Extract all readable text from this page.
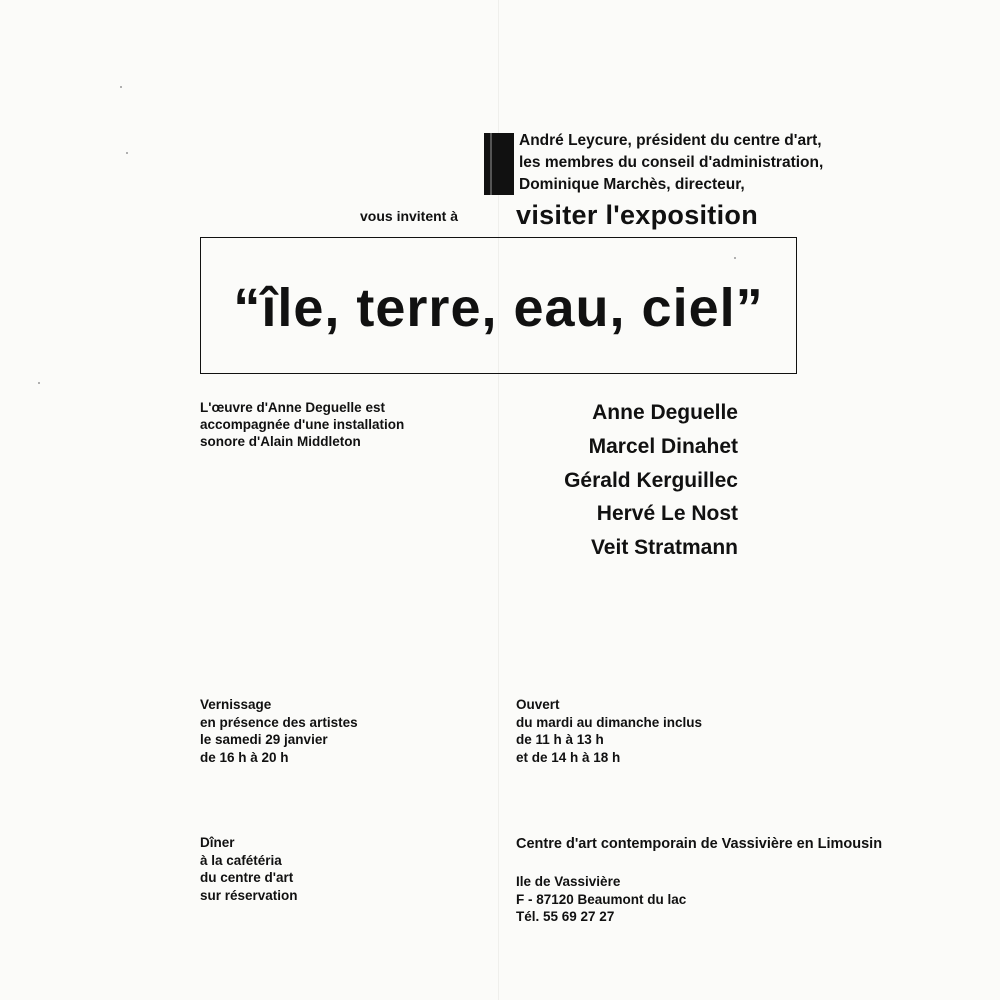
André Leycure, président du centre d'art,
les membres du conseil d'administration,
Dominique Marchès, directeur,
vous invitent à visiter l'exposition
“île, terre, eau, ciel”
L'œuvre d'Anne Deguelle est
accompagnée d'une installation
sonore d'Alain Middleton
Anne Deguelle
Marcel Dinahet
Gérald Kerguillec
Hervé Le Nost
Veit Stratmann
Vernissage
en présence des artistes
le samedi 29 janvier
de 16 h à 20 h
Ouvert
du mardi au dimanche inclus
de 11 h à 13 h
et de 14 h à 18 h
Dîner
à la cafétéria
du centre d'art
sur réservation
Centre d'art contemporain de Vassivière en Limousin
Ile de Vassivière
F - 87120 Beaumont du lac
Tél. 55 69 27 27
